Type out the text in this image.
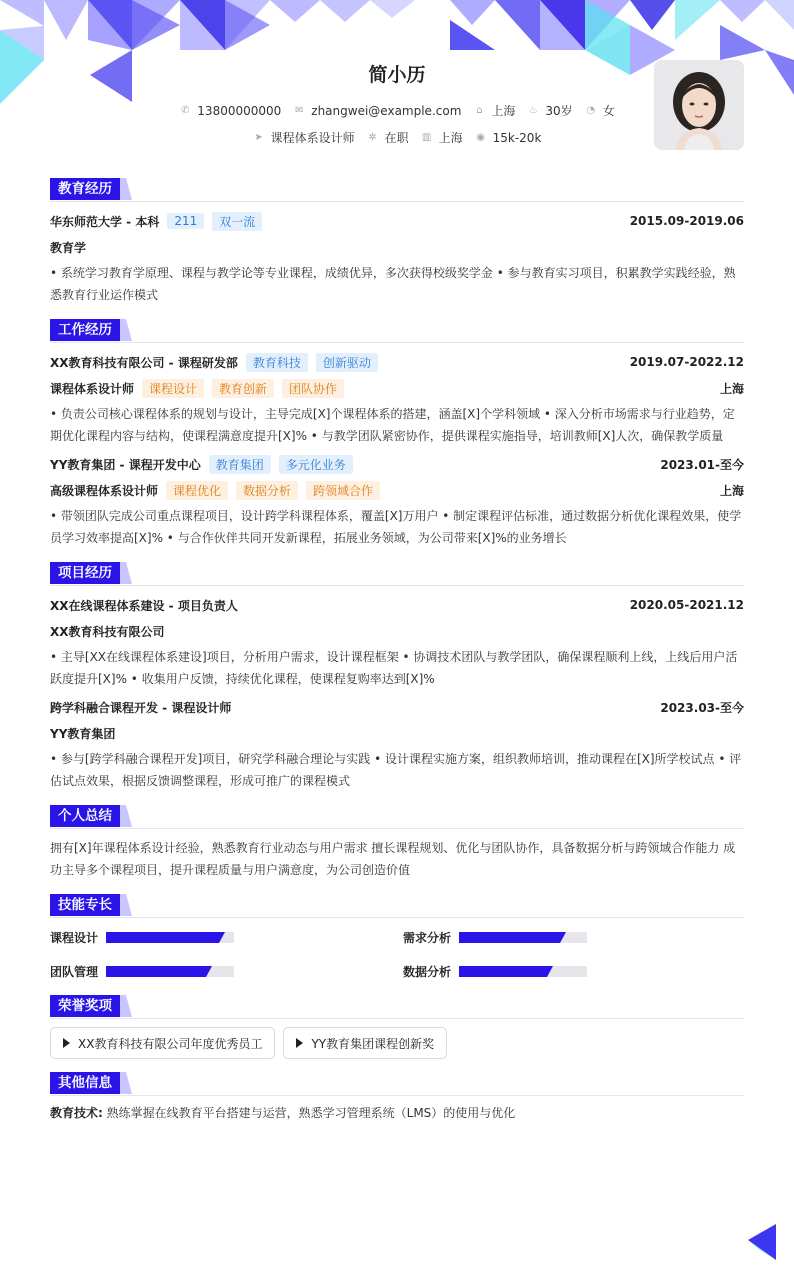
简小历
✆ 13800000000 ✉ zhangwei@example.com ⌂ 上海 ♨ 30岁 ◔ 女
➤ 课程体系设计师 ✲ 在职 ▥ 上海 ◉ 15k-20k
教育经历
华东师范大学 - 本科	211	双一流	2015.09-2019.06
教育学
• 系统学习教育学原理、课程与教学论等专业课程，成绩优异，多次获得校级奖学金 • 参与教育实习项目，积累教学实践经验，熟悉教育行业运作模式
工作经历
XX教育科技有限公司 - 课程研发部	教育科技	创新驱动	2019.07-2022.12
课程体系设计师	课程设计	教育创新	团队协作	上海
• 负责公司核心课程体系的规划与设计，主导完成[X]个课程体系的搭建，涵盖[X]个学科领域 • 深入分析市场需求与行业趋势，定期优化课程内容与结构，使课程满意度提升[X]% • 与教学团队紧密协作，提供课程实施指导，培训教师[X]人次，确保教学质量
YY教育集团 - 课程开发中心	教育集团	多元化业务	2023.01-至今
高级课程体系设计师	课程优化	数据分析	跨领域合作	上海
• 带领团队完成公司重点课程项目，设计跨学科课程体系，覆盖[X]万用户 • 制定课程评估标准，通过数据分析优化课程效果，使学员学习效率提高[X]% • 与合作伙伴共同开发新课程，拓展业务领域，为公司带来[X]%的业务增长
项目经历
XX在线课程体系建设 - 项目负责人	2020.05-2021.12
XX教育科技有限公司
• 主导[XX在线课程体系建设]项目，分析用户需求，设计课程框架 • 协调技术团队与教学团队，确保课程顺利上线，上线后用户活跃度提升[X]% • 收集用户反馈，持续优化课程，使课程复购率达到[X]%
跨学科融合课程开发 - 课程设计师	2023.03-至今
YY教育集团
• 参与[跨学科融合课程开发]项目，研究学科融合理论与实践 • 设计课程实施方案，组织教师培训，推动课程在[X]所学校试点 • 评估试点效果，根据反馈调整课程，形成可推广的课程模式
个人总结
拥有[X]年课程体系设计经验，熟悉教育行业动态与用户需求 擅长课程规划、优化与团队协作，具备数据分析与跨领域合作能力 成功主导多个课程项目，提升课程质量与用户满意度，为公司创造价值
技能专长
课程设计	需求分析
团队管理	数据分析
荣誉奖项
XX教育科技有限公司年度优秀员工	YY教育集团课程创新奖
其他信息
教育技术: 熟练掌握在线教育平台搭建与运营，熟悉学习管理系统（LMS）的使用与优化
